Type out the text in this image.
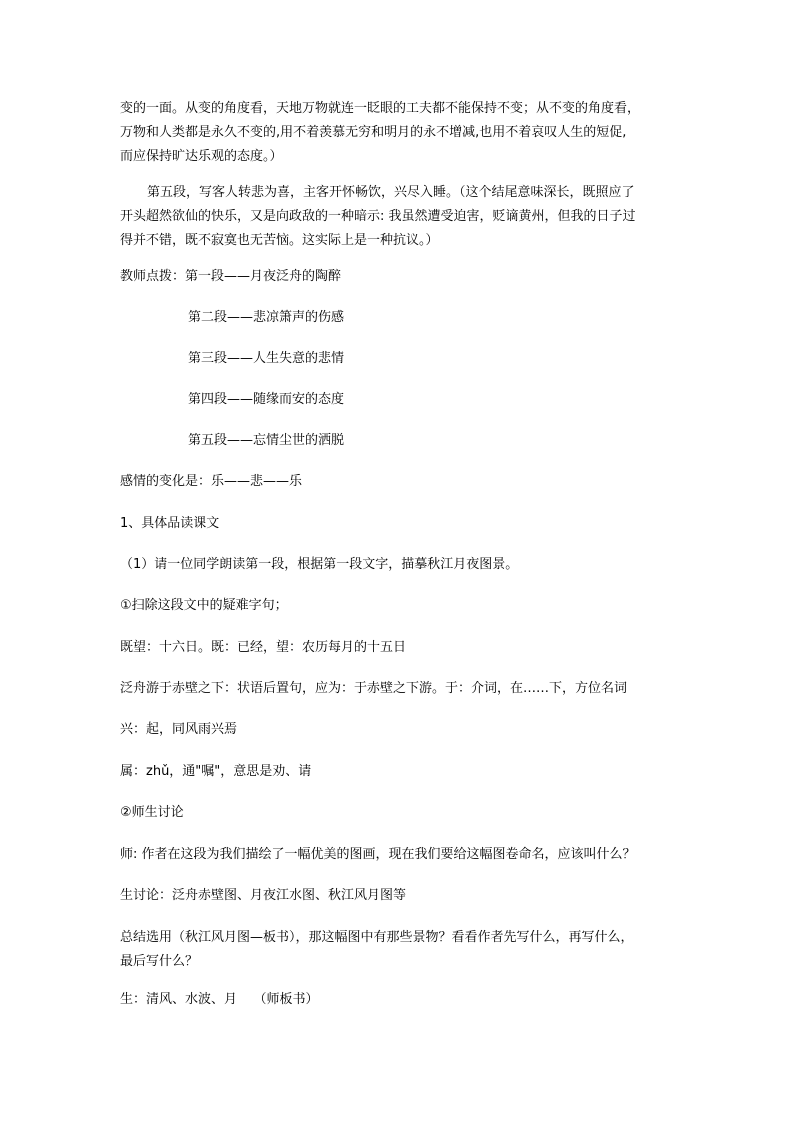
变的一面。从变的角度看，天地万物就连一眨眼的工夫都不能保持不变；从不变的角度看，
万物和人类都是永久不变的,用不着羡慕无穷和明月的永不增减,也用不着哀叹人生的短促,
而应保持旷达乐观的态度。）
第五段，写客人转悲为喜，主客开怀畅饮，兴尽入睡。（这个结尾意味深长，既照应了
开头超然欲仙的快乐，又是向政敌的一种暗示: 我虽然遭受迫害，贬谪黄州，但我的日子过
得并不错，既不寂寞也无苦恼。这实际上是一种抗议。）
教师点拨：第一段——月夜泛舟的陶醉
第二段——悲凉箫声的伤感
第三段——人生失意的悲情
第四段——随缘而安的态度
第五段——忘情尘世的洒脱
感情的变化是：乐——悲——乐
1、具体品读课文
（1）请一位同学朗读第一段，根据第一段文字，描摹秋江月夜图景。
①扫除这段文中的疑难字句；
既望：十六日。既：已经，望：农历每月的十五日
泛舟游于赤壁之下：状语后置句，应为：于赤壁之下游。于：介词，在……下，方位名词
兴：起，同风雨兴焉
属：zhǔ，通"嘱"，意思是劝、请
②师生讨论
师: 作者在这段为我们描绘了一幅优美的图画，现在我们要给这幅图卷命名，应该叫什么？
生讨论：泛舟赤壁图、月夜江水图、秋江风月图等
总结选用（秋江风月图—板书），那这幅图中有那些景物？看看作者先写什么，再写什么，
最后写什么？
生：清风、水波、月    （师板书）
